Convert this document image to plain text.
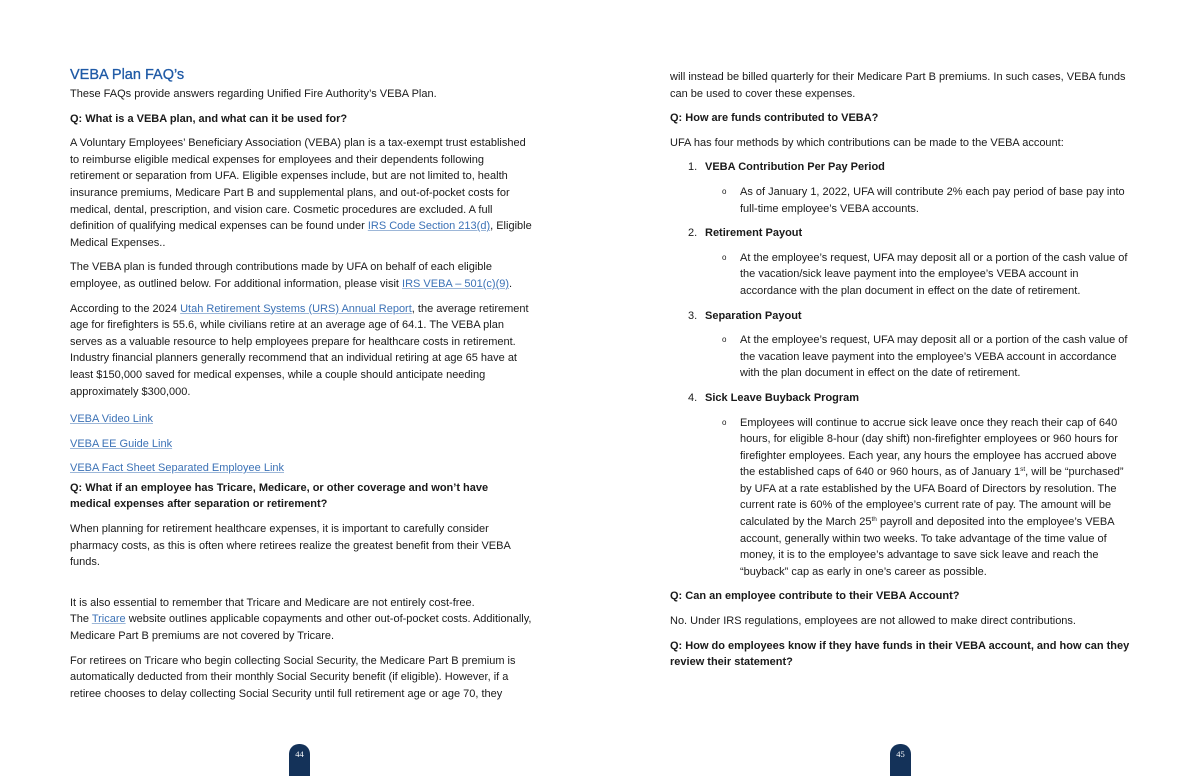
VEBA Plan FAQ’s

These FAQs provide answers regarding Unified Fire Authority’s VEBA Plan.

Q: What is a VEBA plan, and what can it be used for?

A Voluntary Employees’ Beneficiary Association (VEBA) plan is a tax-exempt trust established to reimburse eligible medical expenses for employees and their dependents following retirement or separation from UFA. Eligible expenses include, but are not limited to, health insurance premiums, Medicare Part B and supplemental plans, and out-of-pocket costs for medical, dental, prescription, and vision care. Cosmetic procedures are excluded. A full definition of qualifying medical expenses can be found under IRS Code Section 213(d), Eligible Medical Expenses..

The VEBA plan is funded through contributions made by UFA on behalf of each eligible employee, as outlined below. For additional information, please visit IRS VEBA – 501(c)(9).

According to the 2024 Utah Retirement Systems (URS) Annual Report, the average retirement age for firefighters is 55.6, while civilians retire at an average age of 64.1. The VEBA plan serves as a valuable resource to help employees prepare for healthcare costs in retirement. Industry financial planners generally recommend that an individual retiring at age 65 have at least $150,000 saved for medical expenses, while a couple should anticipate needing approximately $300,000.

VEBA Video Link

VEBA EE Guide Link

VEBA Fact Sheet Separated Employee Link

Q: What if an employee has Tricare, Medicare, or other coverage and won’t have medical expenses after separation or retirement?

When planning for retirement healthcare expenses, it is important to carefully consider pharmacy costs, as this is often where retirees realize the greatest benefit from their VEBA funds.

It is also essential to remember that Tricare and Medicare are not entirely cost-free.
The Tricare website outlines applicable copayments and other out-of-pocket costs. Additionally, Medicare Part B premiums are not covered by Tricare.

For retirees on Tricare who begin collecting Social Security, the Medicare Part B premium is automatically deducted from their monthly Social Security benefit (if eligible). However, if a retiree chooses to delay collecting Social Security until full retirement age or age 70, they

44

will instead be billed quarterly for their Medicare Part B premiums. In such cases, VEBA funds can be used to cover these expenses.

Q: How are funds contributed to VEBA?

UFA has four methods by which contributions can be made to the VEBA account:

1. VEBA Contribution Per Pay Period
o As of January 1, 2022, UFA will contribute 2% each pay period of base pay into full-time employee’s VEBA accounts.
2. Retirement Payout
o At the employee’s request, UFA may deposit all or a portion of the cash value of the vacation/sick leave payment into the employee’s VEBA account in accordance with the plan document in effect on the date of retirement.
3. Separation Payout
o At the employee’s request, UFA may deposit all or a portion of the cash value of the vacation leave payment into the employee’s VEBA account in accordance with the plan document in effect on the date of retirement.
4. Sick Leave Buyback Program
o Employees will continue to accrue sick leave once they reach their cap of 640 hours, for eligible 8-hour (day shift) non-firefighter employees or 960 hours for firefighter employees. Each year, any hours the employee has accrued above the established caps of 640 or 960 hours, as of January 1st, will be “purchased” by UFA at a rate established by the UFA Board of Directors by resolution. The current rate is 60% of the employee’s current rate of pay. The amount will be calculated by the March 25th payroll and deposited into the employee’s VEBA account, generally within two weeks. To take advantage of the time value of money, it is to the employee’s advantage to save sick leave and reach the “buyback” cap as early in one’s career as possible.

Q: Can an employee contribute to their VEBA Account?

No. Under IRS regulations, employees are not allowed to make direct contributions.

Q: How do employees know if they have funds in their VEBA account, and how can they review their statement?

45
